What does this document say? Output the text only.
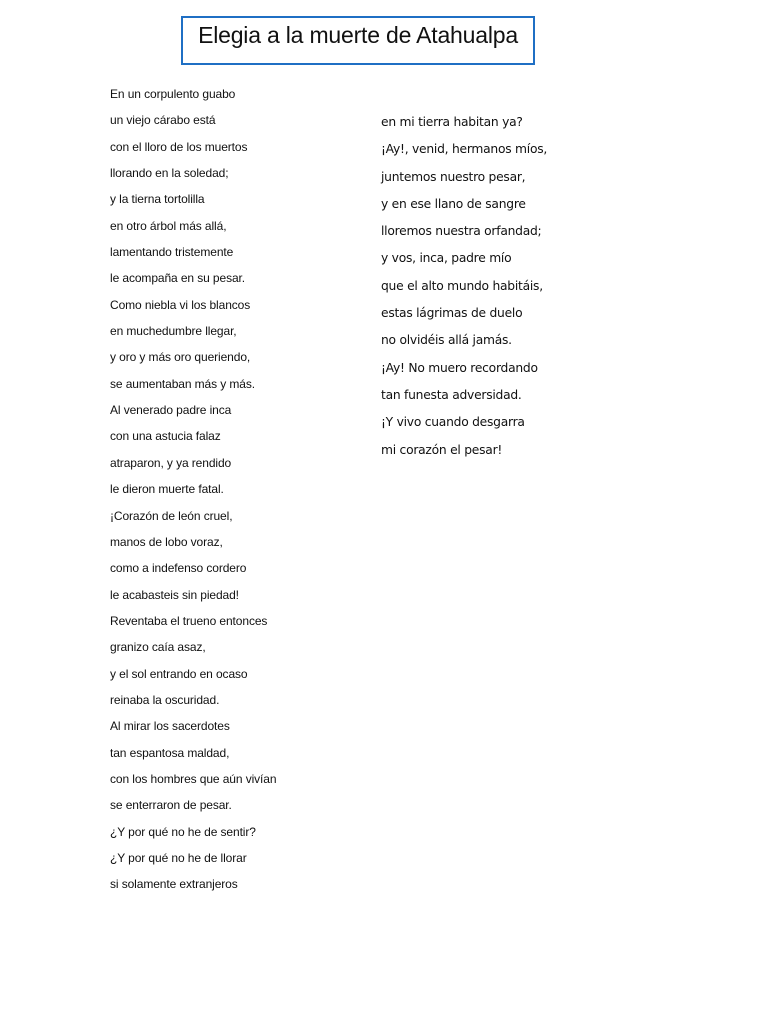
Elegia a la muerte de Atahualpa
En un corpulento guabo
un viejo cárabo está
con el lloro de los muertos
llorando en la soledad;
y la tierna tortolilla
en otro árbol más allá,
lamentando tristemente
le acompaña en su pesar.
Como niebla vi los blancos
en muchedumbre llegar,
y oro y más oro queriendo,
se aumentaban más y más.
Al venerado padre inca
con una astucia falaz
atraparon, y ya rendido
le dieron muerte fatal.
¡Corazón de león cruel,
manos de lobo voraz,
como a indefenso cordero
le acabasteis sin piedad!
Reventaba el trueno entonces
granizo caía asaz,
y el sol entrando en ocaso
reinaba la oscuridad.
Al mirar los sacerdotes
tan espantosa maldad,
con los hombres que aún vivían
se enterraron de pesar.
¿Y por qué no he de sentir?
¿Y por qué no he de llorar
si solamente extranjeros
en mi tierra habitan ya?
¡Ay!, venid, hermanos míos,
juntemos nuestro pesar,
y en ese llano de sangre
lloremos nuestra orfandad;
y vos, inca, padre mío
que el alto mundo habitáis,
estas lágrimas de duelo
no olvidéis allá jamás.
¡Ay! No muero recordando
tan funesta adversidad.
¡Y vivo cuando desgarra
mi corazón el pesar!
